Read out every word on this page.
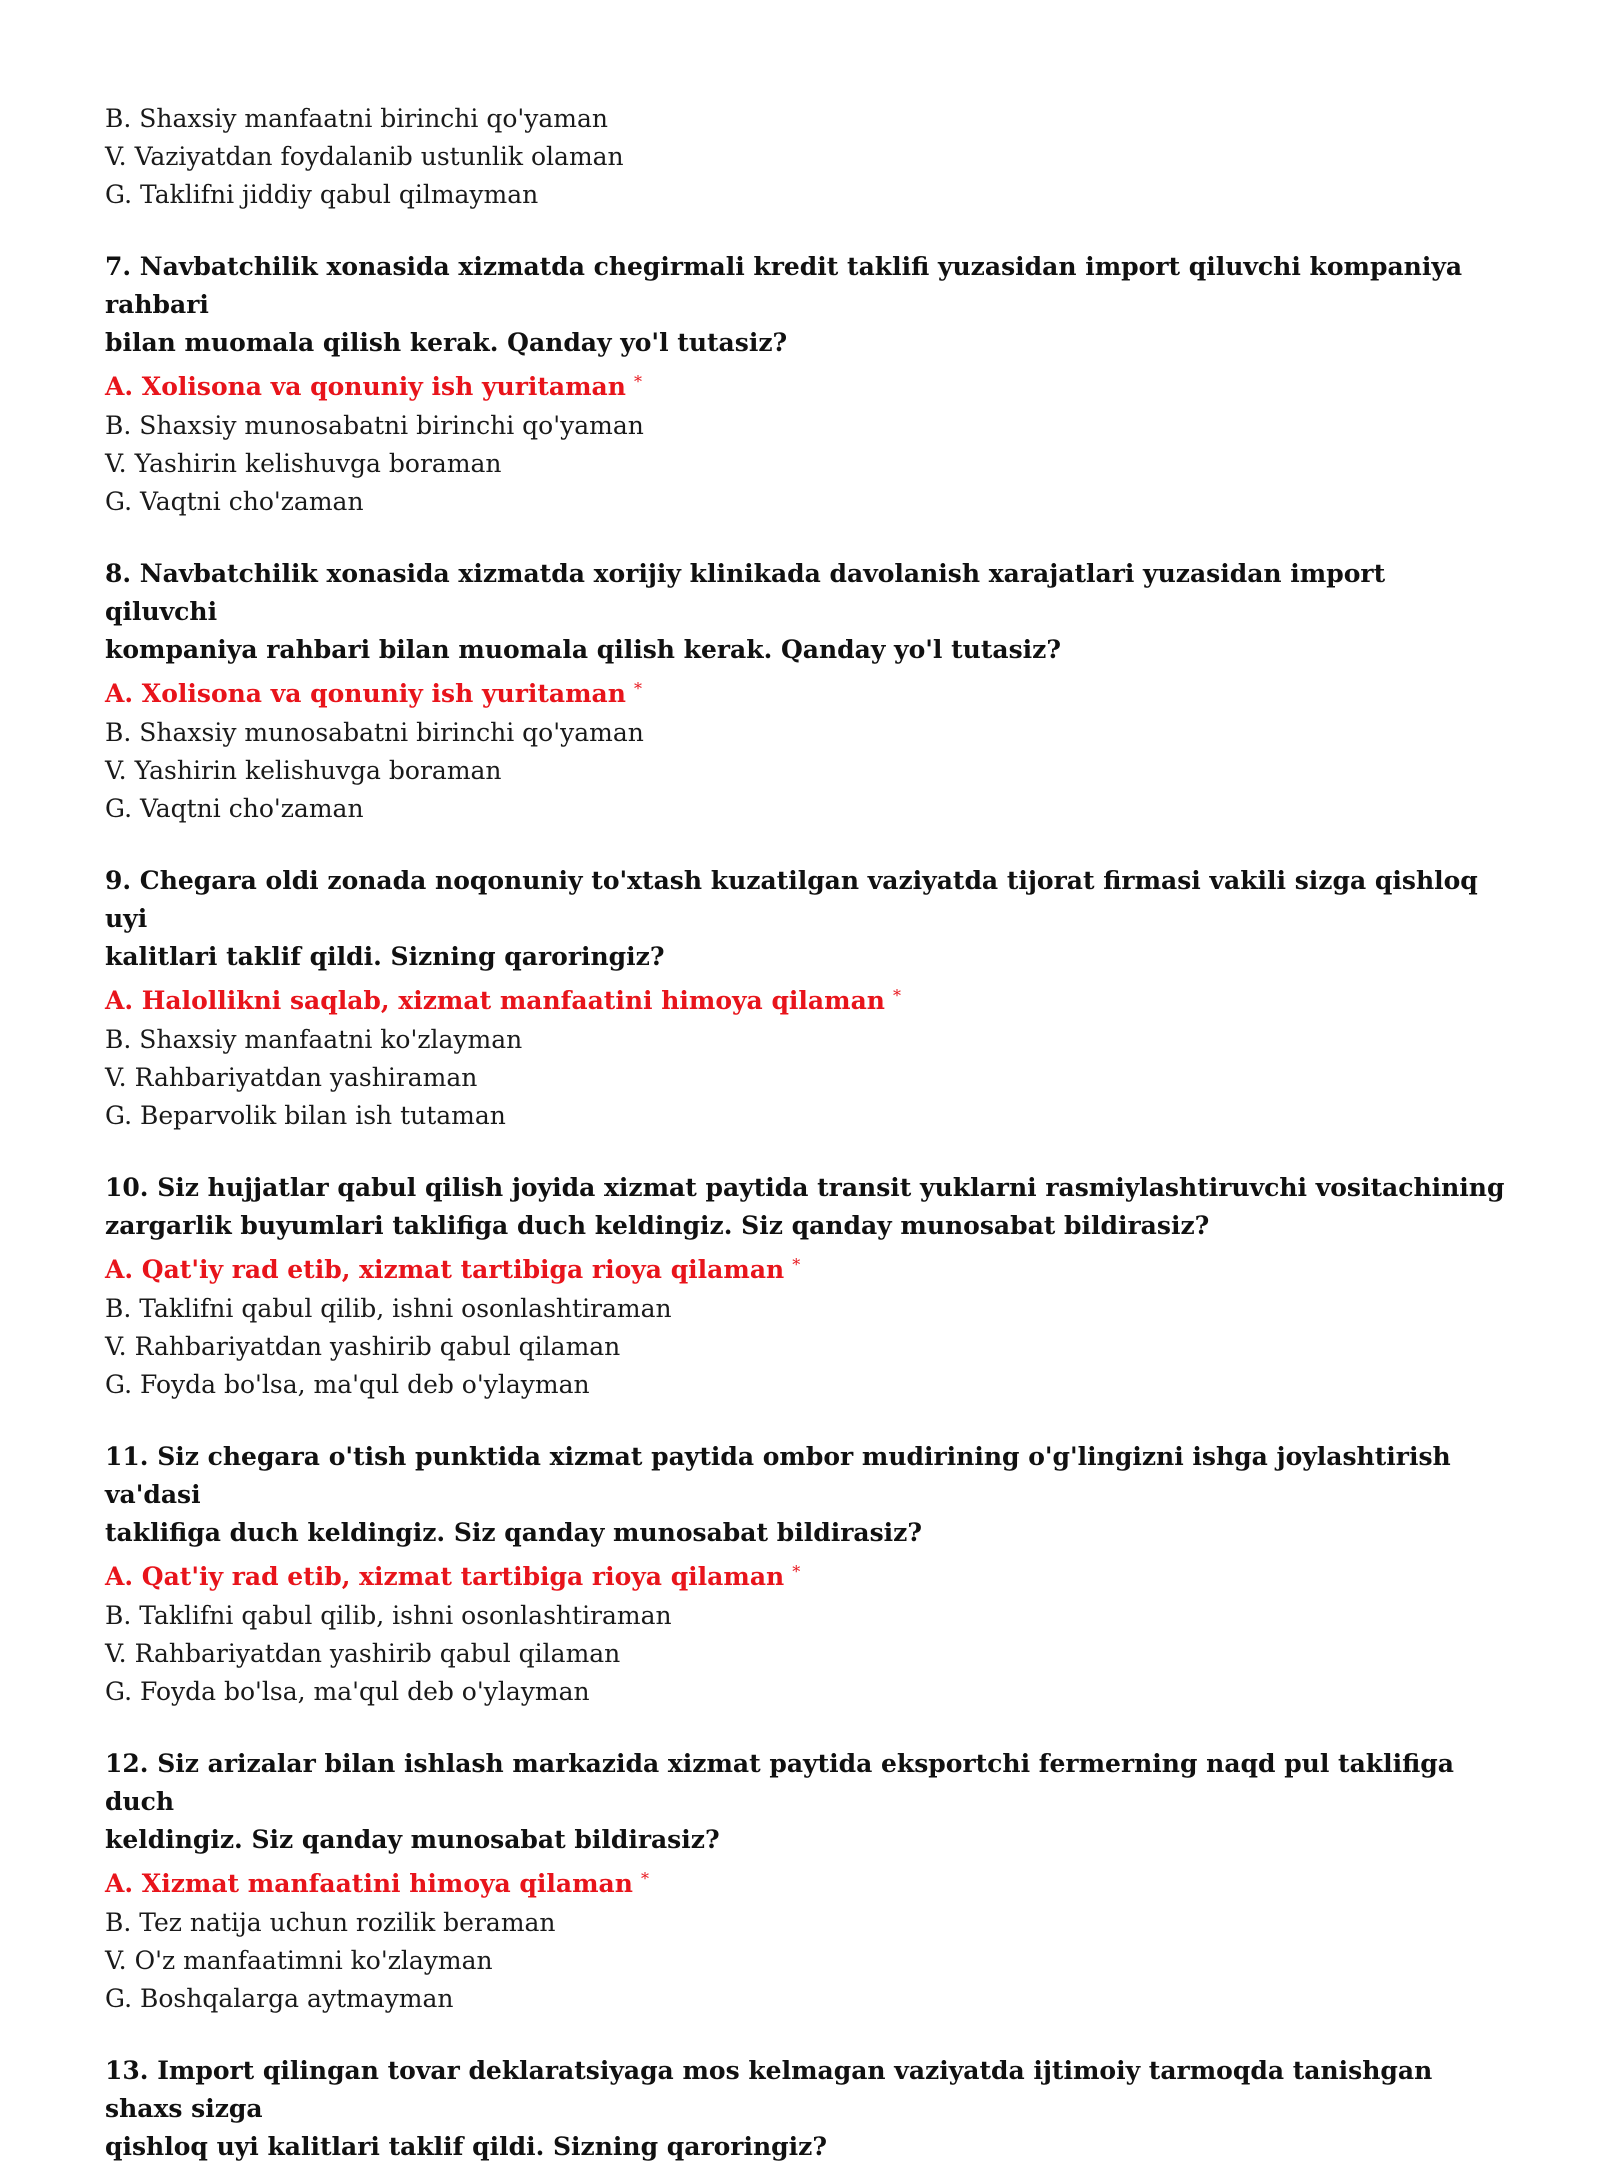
B. Shaxsiy manfaatni birinchi qo'yaman
V. Vaziyatdan foydalanib ustunlik olaman
G. Taklifni jiddiy qabul qilmayman
7. Navbatchilik xonasida xizmatda chegirmali kredit taklifi yuzasidan import qiluvchi kompaniya rahbari
bilan muomala qilish kerak. Qanday yo'l tutasiz?
A. Xolisona va qonuniy ish yuritaman *
B. Shaxsiy munosabatni birinchi qo'yaman
V. Yashirin kelishuvga boraman
G. Vaqtni cho'zaman
8. Navbatchilik xonasida xizmatda xorijiy klinikada davolanish xarajatlari yuzasidan import qiluvchi
kompaniya rahbari bilan muomala qilish kerak. Qanday yo'l tutasiz?
A. Xolisona va qonuniy ish yuritaman *
B. Shaxsiy munosabatni birinchi qo'yaman
V. Yashirin kelishuvga boraman
G. Vaqtni cho'zaman
9. Chegara oldi zonada noqonuniy to'xtash kuzatilgan vaziyatda tijorat firmasi vakili sizga qishloq uyi
kalitlari taklif qildi. Sizning qaroringiz?
A. Halollikni saqlab, xizmat manfaatini himoya qilaman *
B. Shaxsiy manfaatni ko'zlayman
V. Rahbariyatdan yashiraman
G. Beparvolik bilan ish tutaman
10. Siz hujjatlar qabul qilish joyida xizmat paytida transit yuklarni rasmiylashtiruvchi vositachining
zargarlik buyumlari taklifiga duch keldingiz. Siz qanday munosabat bildirasiz?
A. Qat'iy rad etib, xizmat tartibiga rioya qilaman *
B. Taklifni qabul qilib, ishni osonlashtiraman
V. Rahbariyatdan yashirib qabul qilaman
G. Foyda bo'lsa, ma'qul deb o'ylayman
11. Siz chegara o'tish punktida xizmat paytida ombor mudirining o'g'lingizni ishga joylashtirish va'dasi
taklifiga duch keldingiz. Siz qanday munosabat bildirasiz?
A. Qat'iy rad etib, xizmat tartibiga rioya qilaman *
B. Taklifni qabul qilib, ishni osonlashtiraman
V. Rahbariyatdan yashirib qabul qilaman
G. Foyda bo'lsa, ma'qul deb o'ylayman
12. Siz arizalar bilan ishlash markazida xizmat paytida eksportchi fermerning naqd pul taklifiga duch
keldingiz. Siz qanday munosabat bildirasiz?
A. Xizmat manfaatini himoya qilaman *
B. Tez natija uchun rozilik beraman
V. O'z manfaatimni ko'zlayman
G. Boshqalarga aytmayman
13. Import qilingan tovar deklaratsiyaga mos kelmagan vaziyatda ijtimoiy tarmoqda tanishgan shaxs sizga
qishloq uyi kalitlari taklif qildi. Sizning qaroringiz?
